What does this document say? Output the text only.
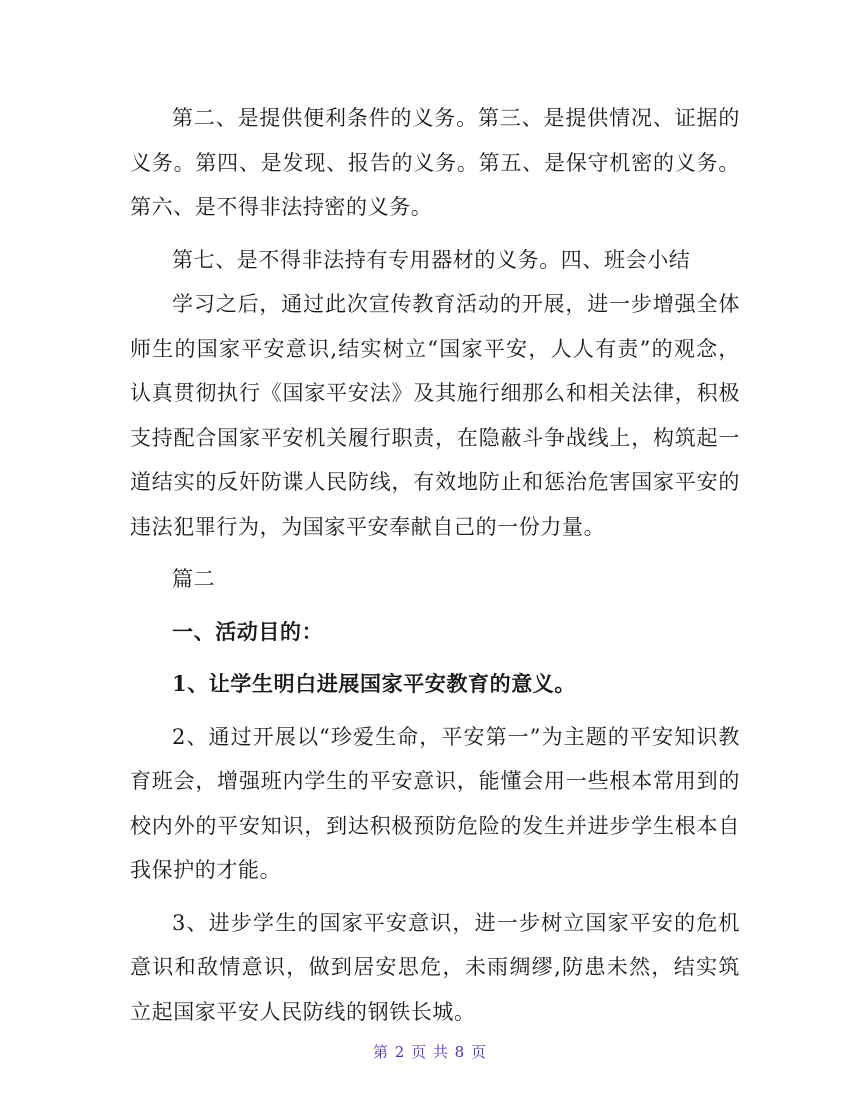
第二、是提供便利条件的义务。第三、是提供情况、证据的义务。第四、是发现、报告的义务。第五、是保守机密的义务。第六、是不得非法持密的义务。

第七、是不得非法持有专用器材的义务。四、班会小结

学习之后，通过此次宣传教育活动的开展，进一步增强全体师生的国家平安意识,结实树立“国家平安，人人有责”的观念，认真贯彻执行《国家平安法》及其施行细那么和相关法律，积极支持配合国家平安机关履行职责，在隐蔽斗争战线上，构筑起一道结实的反奸防谍人民防线，有效地防止和惩治危害国家平安的违法犯罪行为，为国家平安奉献自己的一份力量。

篇二

一、活动目的：

1、让学生明白进展国家平安教育的意义。

2、通过开展以“珍爱生命，平安第一”为主题的平安知识教育班会，增强班内学生的平安意识，能懂会用一些根本常用到的校内外的平安知识，到达积极预防危险的发生并进步学生根本自我保护的才能。

3、进步学生的国家平安意识，进一步树立国家平安的危机意识和敌情意识，做到居安思危，未雨绸缪,防患未然，结实筑立起国家平安人民防线的钢铁长城。

第 2 页 共 8 页
